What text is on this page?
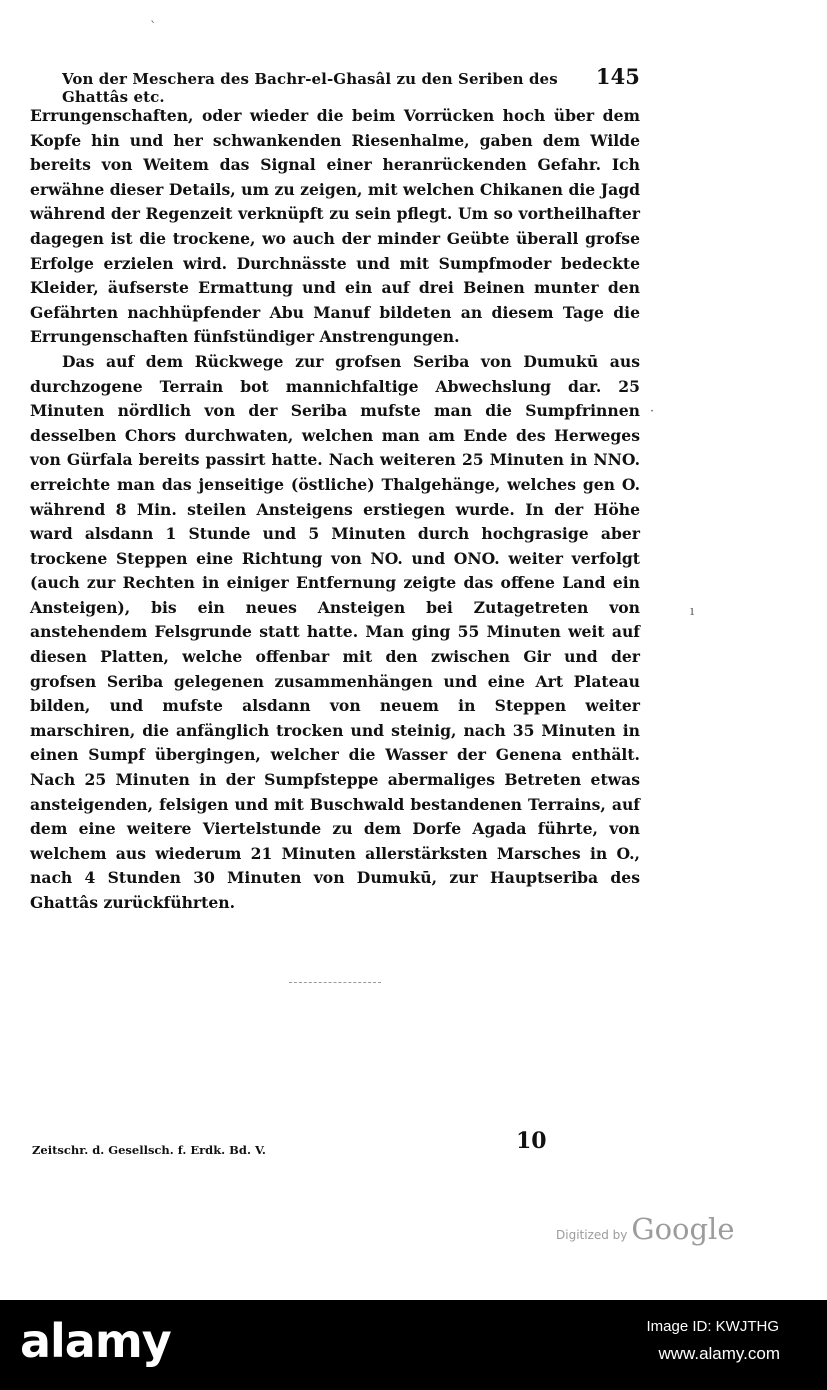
ˋ
ı
·
Von der Meschera des Bachr-el-Ghasâl zu den Seriben des Ghattâs etc.
145

Errungenschaften, oder wieder die beim Vorrücken hoch über dem Kopfe hin und her schwankenden Riesenhalme, gaben dem Wilde bereits von Weitem das Signal einer heranrückenden Gefahr. Ich erwähne dieser Details, um zu zeigen, mit welchen Chikanen die Jagd während der Regenzeit verknüpft zu sein pflegt. Um so vortheilhafter dagegen ist die trockene, wo auch der minder Geübte überall grofse Erfolge erzielen wird. Durchnässte und mit Sumpfmoder bedeckte Kleider, äufserste Ermattung und ein auf drei Beinen munter den Gefährten nachhüpfender Abu Manuf bildeten an diesem Tage die Errungenschaften fünfstündiger Anstrengungen.

Das auf dem Rückwege zur grofsen Seriba von Dumukū aus durchzogene Terrain bot mannichfaltige Abwechslung dar. 25 Minuten nördlich von der Seriba mufste man die Sumpfrinnen desselben Chors durchwaten, welchen man am Ende des Herweges von Gürfala bereits passirt hatte. Nach weiteren 25 Minuten in NNO. erreichte man das jenseitige (östliche) Thalgehänge, welches gen O. während 8 Min. steilen Ansteigens erstiegen wurde. In der Höhe ward alsdann 1 Stunde und 5 Minuten durch hochgrasige aber trockene Steppen eine Richtung von NO. und ONO. weiter verfolgt (auch zur Rechten in einiger Entfernung zeigte das offene Land ein Ansteigen), bis ein neues Ansteigen bei Zutagetreten von anstehendem Felsgrunde statt hatte. Man ging 55 Minuten weit auf diesen Platten, welche offenbar mit den zwischen Gir und der grofsen Seriba gelegenen zusammenhängen und eine Art Plateau bilden, und mufste alsdann von neuem in Steppen weiter marschiren, die anfänglich trocken und steinig, nach 35 Minuten in einen Sumpf übergingen, welcher die Wasser der Genena enthält. Nach 25 Minuten in der Sumpfsteppe abermaliges Betreten etwas ansteigenden, felsigen und mit Buschwald bestandenen Terrains, auf dem eine weitere Viertelstunde zu dem Dorfe Agada führte, von welchem aus wiederum 21 Minuten allerstärksten Marsches in O., nach 4 Stunden 30 Minuten von Dumukū, zur Hauptseriba des Ghattâs zurückführten.

Zeitschr. d. Gesellsch. f. Erdk. Bd. V.	10
Digitized by Google
alamy	Image ID: KWJTHG
www.alamy.com
